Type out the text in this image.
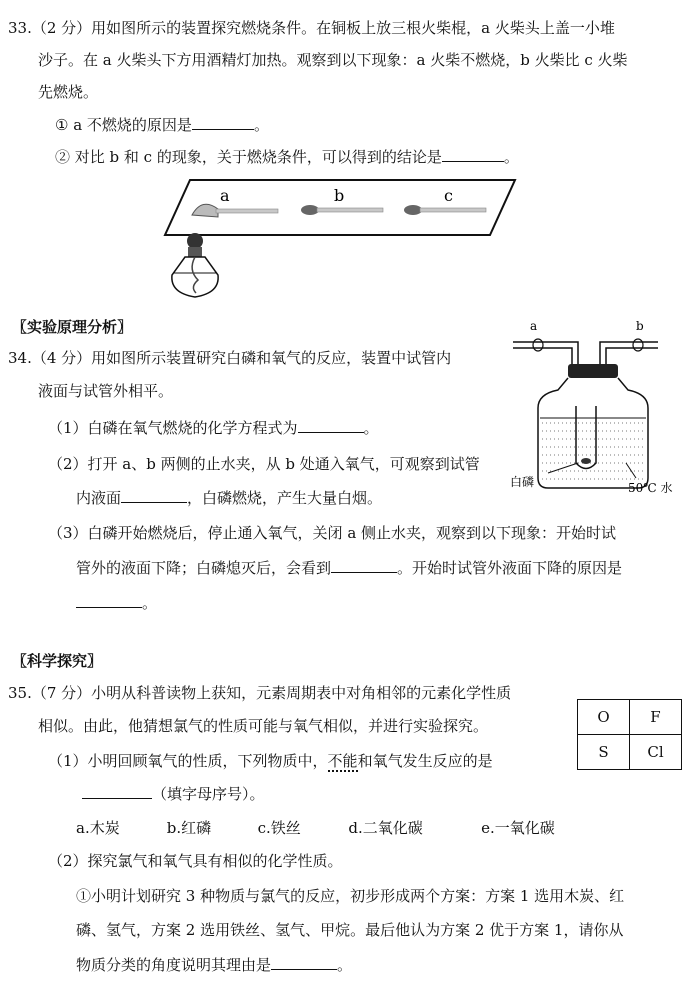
33.（2 分）用如图所示的装置探究燃烧条件。在铜板上放三根火柴棍，a 火柴头上盖一小堆
沙子。在 a 火柴头下方用酒精灯加热。观察到以下现象：a 火柴不燃烧，b 火柴比 c 火柴
先燃烧。
① a 不燃烧的原因是	。
② 对比 b 和 c 的现象，关于燃烧条件，可以得到的结论是	。
a	b	c
〖实验原理分析〗
34.（4 分）用如图所示装置研究白磷和氧气的反应，装置中试管内
液面与试管外相平。
（1）白磷在氧气燃烧的化学方程式为	。
（2）打开 a、b 两侧的止水夹，从 b 处通入氧气，可观察到试管
内液面	，白磷燃烧，产生大量白烟。
（3）白磷开始燃烧后，停止通入氧气，关闭 a 侧止水夹，观察到以下现象：开始时试
管外的液面下降；白磷熄灭后，会看到	。开始时试管外液面下降的原因是
。
a	b
白磷	50℃ 水
〖科学探究〗
35.（7 分）小明从科普读物上获知，元素周期表中对角相邻的元素化学性质
相似。由此，他猜想氯气的性质可能与氧气相似，并进行实验探究。
（1）小明回顾氧气的性质，下列物质中，不能和氧气发生反应的是
（填字母序号）。
a.木炭	b.红磷	c.铁丝	d.二氧化碳	e.一氧化碳
（2）探究氯气和氧气具有相似的化学性质。
①小明计划研究 3 种物质与氯气的反应，初步形成两个方案：方案 1 选用木炭、红
磷、氢气，方案 2 选用铁丝、氢气、甲烷。最后他认为方案 2 优于方案 1，请你从
物质分类的角度说明其理由是	。
O	F
S	Cl
